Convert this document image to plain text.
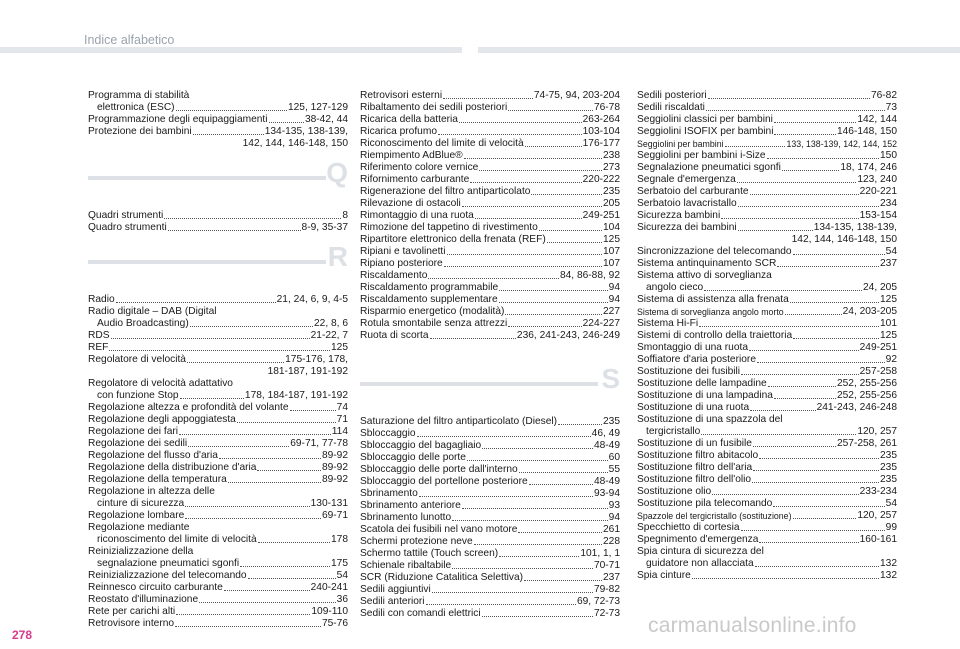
Indice alfabetico
Programma di stabilità
elettronica (ESC)	125, 127-129
Programmazione degli equipaggiamenti	38-42, 44
Protezione dei bambini	134-135, 138-139,
142, 144, 146-148, 150
Q
Quadri strumenti	8
Quadro strumenti	8-9, 35-37
R
Radio	21, 24, 6, 9, 4-5
Radio digitale – DAB (Digital
Audio Broadcasting)	22, 8, 6
RDS	21-22, 7
REF	125
Regolatore di velocità	175-176, 178,
181-187, 191-192
Regolatore di velocità adattativo
con funzione Stop	178, 184-187, 191-192
Regolazione altezza e profondità del volante	74
Regolazione degli appoggiatesta	71
Regolazione dei fari	114
Regolazione dei sedili	69-71, 77-78
Regolazione del flusso d'aria	89-92
Regolazione della distribuzione d'aria	89-92
Regolazione della temperatura	89-92
Regolazione in altezza delle
cinture di sicurezza	130-131
Regolazione lombare	69-71
Regolazione mediante
riconoscimento del limite di velocità	178
Reinizializzazione della
segnalazione pneumatici sgonfi	175
Reinizializzazione del telecomando	54
Reinnesco circuito carburante	240-241
Reostato d'illuminazione	36
Rete per carichi alti	109-110
Retrovisore interno	75-76
Retrovisori esterni	74-75, 94, 203-204
Ribaltamento dei sedili posteriori	76-78
Ricarica della batteria	263-264
Ricarica profumo	103-104
Riconoscimento del limite di velocità	176-177
Riempimento AdBlue®	238
Riferimento colore vernice	273
Rifornimento carburante	220-222
Rigenerazione del filtro antiparticolato	235
Rilevazione di ostacoli	205
Rimontaggio di una ruota	249-251
Rimozione del tappetino di rivestimento	104
Ripartitore elettronico della frenata (REF)	125
Ripiani e tavolinetti	107
Ripiano posteriore	107
Riscaldamento	84, 86-88, 92
Riscaldamento programmabile	94
Riscaldamento supplementare	94
Risparmio energetico (modalità)	227
Rotula smontabile senza attrezzi	224-227
Ruota di scorta	236, 241-243, 246-249
S
Saturazione del filtro antiparticolato (Diesel)	235
Sbloccaggio	46, 49
Sbloccaggio del bagagliaio	48-49
Sbloccaggio delle porte	60
Sbloccaggio delle porte dall'interno	55
Sbloccaggio del portellone posteriore	48-49
Sbrinamento	93-94
Sbrinamento anteriore	93
Sbrinamento lunotto	94
Scatola dei fusibili nel vano motore	261
Schermi protezione neve	228
Schermo tattile (Touch screen)	101, 1, 1
Schienale ribaltabile	70-71
SCR (Riduzione Catalitica Selettiva)	237
Sedili aggiuntivi	79-82
Sedili anteriori	69, 72-73
Sedili con comandi elettrici	72-73
Sedili posteriori	76-82
Sedili riscaldati	73
Seggiolini classici per bambini	142, 144
Seggiolini ISOFIX per bambini	146-148, 150
Seggiolini per bambini	133, 138-139, 142, 144, 152
Seggiolini per bambini i-Size	150
Segnalazione pneumatici sgonfi	18, 174, 246
Segnale d'emergenza	123, 240
Serbatoio del carburante	220-221
Serbatoio lavacristallo	234
Sicurezza bambini	153-154
Sicurezza dei bambini	134-135, 138-139,
142, 144, 146-148, 150
Sincronizzazione del telecomando	54
Sistema antinquinamento SCR	237
Sistema attivo di sorveglianza
angolo cieco	24, 205
Sistema di assistenza alla frenata	125
Sistema di sorveglianza angolo morto	24, 203-205
Sistema Hi-Fi	101
Sistemi di controllo della traiettoria	125
Smontaggio di una ruota	249-251
Soffiatore d'aria posteriore	92
Sostituzione dei fusibili	257-258
Sostituzione delle lampadine	252, 255-256
Sostituzione di una lampadina	252, 255-256
Sostituzione di una ruota	241-243, 246-248
Sostituzione di una spazzola del
tergicristallo	120, 257
Sostituzione di un fusibile	257-258, 261
Sostituzione filtro abitacolo	235
Sostituzione filtro dell'aria	235
Sostituzione filtro dell'olio	235
Sostituzione olio	233-234
Sostituzione pila telecomando	54
Spazzole del tergicristallo (sostituzione)	120, 257
Specchietto di cortesia	99
Spegnimento d'emergenza	160-161
Spia cintura di sicurezza del
guidatore non allacciata	132
Spia cinture	132
278	carmanualsonline.info
